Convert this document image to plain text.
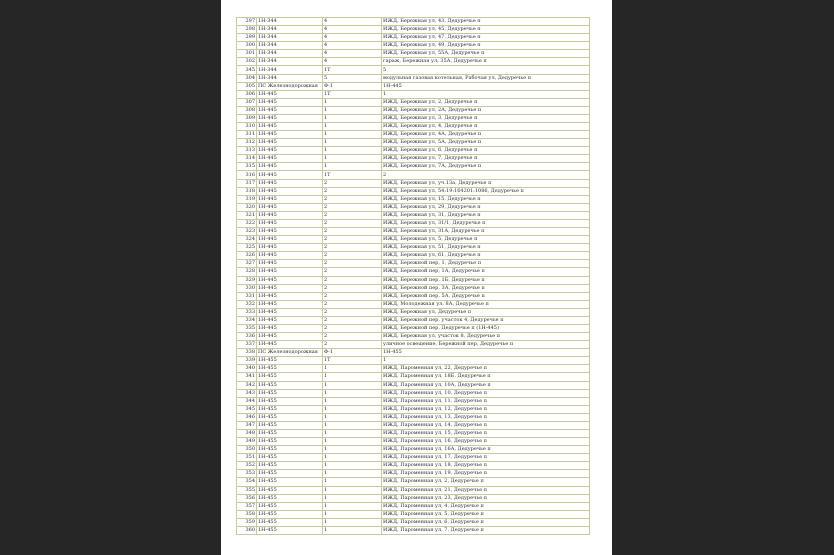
297	1Н-344	4	ИЖД, Бережная ул, 43, Дедуречье п
298	1Н-344	4	ИЖД, Бережная ул, 45, Дедуречье п
299	1Н-344	4	ИЖД, Бережная ул, 47, Дедуречье п
300	1Н-344	4	ИЖД, Бережная ул, 49, Дедуречье п
301	1Н-344	4	ИЖД, Бережная ул, 55А, Дедуречье п
302	1Н-344	4	гараж, Бережная ул, 35А, Дедуречье п
345	1Н-344	1Т	5
304	1Н-344	5	модульная газовая котельная, Рабочая ул, Дедуречье п
305	ПС Железнодорожная	Ф-1	1Н-445
306	1Н-445	1Т	1
307	1Н-445	1	ИЖД, Бережная ул, 2, Дедуречье п
308	1Н-445	1	ИЖД, Бережная ул, 2А, Дедуречье п
309	1Н-445	1	ИЖД, Бережная ул, 3, Дедуречье п
310	1Н-445	1	ИЖД, Бережная ул, 4, Дедуречье п
311	1Н-445	1	ИЖД, Бережная ул, 4А, Дедуречье п
312	1Н-445	1	ИЖД, Бережная ул, 5А, Дедуречье п
313	1Н-445	1	ИЖД, Бережная ул, 6, Дедуречье п
314	1Н-445	1	ИЖД, Бережная ул, 7, Дедуречье п
315	1Н-445	1	ИЖД, Бережная ул, 7А, Дедуречье п
316	1Н-445	1Т	2
317	1Н-445	2	ИЖД, Бережная ул, уч.13а, Дедуречье п
318	1Н-445	2	ИЖД, Бережная ул, 54:19:164201:1086, Дедуречье п
319	1Н-445	2	ИЖД, Бережная ул, 15, Дедуречье п
320	1Н-445	2	ИЖД, Бережная ул, 29, Дедуречье п
321	1Н-445	2	ИЖД, Бережная ул, 31, Дедуречье п
322	1Н-445	2	ИЖД, Бережная ул, 31/1, Дедуречье п
323	1Н-445	2	ИЖД, Бережная ул, 31А, Дедуречье п
324	1Н-445	2	ИЖД, Бережная ул, 5, Дедуречье п
325	1Н-445	2	ИЖД, Бережная ул, 51, Дедуречье п
326	1Н-445	2	ИЖД, Бережная ул, 61, Дедуречье п
327	1Н-445	2	ИЖД, Бережной пер, 1, Дедуречье п
328	1Н-445	2	ИЖД, Бережной пер, 1А, Дедуречье п
329	1Н-445	2	ИЖД, Бережной пер, 1Б, Дедуречье п
330	1Н-445	2	ИЖД, Бережной пер, 3А, Дедуречье п
331	1Н-445	2	ИЖД, Бережной пер, 5А, Дедуречье п
332	1Н-445	2	ИЖД, Молодежная ул, 8А, Дедуречье п
333	1Н-445	2	ИЖД, Бережная ул, Дедуречье п
334	1Н-445	2	ИЖД, Бережной пер, участок 4, Дедуречье п
335	1Н-445	2	ИЖД, Бережной пер, Дедуречье п (1Н-445)
336	1Н-445	2	ИЖД, Бережная ул, участок 8, Дедуречье п
337	1Н-445	2	уличное освещение, Бережной пер, Дедуречье п
338	ПС Железнодорожная	Ф-1	1Н-455
339	1Н-455	1Т	1
340	1Н-455	1	ИЖД, Пароменная ул, 22, Дедуречье п
341	1Н-455	1	ИЖД, Пароменная ул, 18Б, Дедуречье п
342	1Н-455	1	ИЖД, Пароменная ул, 10А, Дедуречье п
343	1Н-455	1	ИЖД, Пароменная ул, 10, Дедуречье п
344	1Н-455	1	ИЖД, Пароменная ул, 11, Дедуречье п
345	1Н-455	1	ИЖД, Пароменная ул, 12, Дедуречье п
346	1Н-455	1	ИЖД, Пароменная ул, 13, Дедуречье п
347	1Н-455	1	ИЖД, Пароменная ул, 14, Дедуречье п
348	1Н-455	1	ИЖД, Пароменная ул, 15, Дедуречье п
349	1Н-455	1	ИЖД, Пароменная ул, 16, Дедуречье п
350	1Н-455	1	ИЖД, Пароменная ул, 16А, Дедуречье п
351	1Н-455	1	ИЖД, Пароменная ул, 17, Дедуречье п
352	1Н-455	1	ИЖД, Пароменная ул, 18, Дедуречье п
353	1Н-455	1	ИЖД, Пароменная ул, 19, Дедуречье п
354	1Н-455	1	ИЖД, Пароменная ул, 2, Дедуречье п
355	1Н-455	1	ИЖД, Пароменная ул, 21, Дедуречье п
356	1Н-455	1	ИЖД, Пароменная ул, 23, Дедуречье п
357	1Н-455	1	ИЖД, Пароменная ул, 4, Дедуречье п
358	1Н-455	1	ИЖД, Пароменная ул, 5, Дедуречье п
359	1Н-455	1	ИЖД, Пароменная ул, 6, Дедуречье п
360	1Н-455	1	ИЖД, Пароменная ул, 7, Дедуречье п
